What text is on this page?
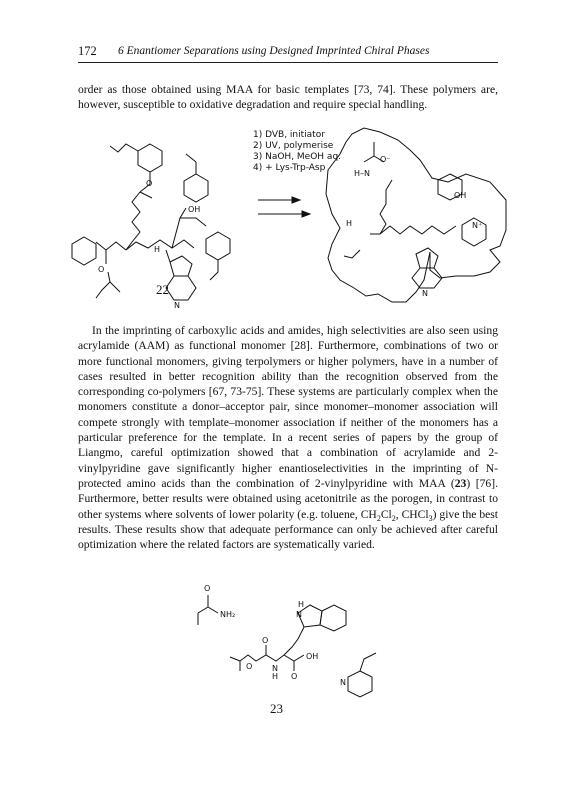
172 6 Enantiomer Separations using Designed Imprinted Chiral Phases

order as those obtained using MAA for basic templates [73, 74]. These polymers are, however, susceptible to oxidative degradation and require special handling.

1) DVB, initiator
2) UV, polymerise
3) NaOH, MeOH aq.
4) + Lys-Trp-Asp
O
OH
H
O
N
O⁻
H–N
OH
N⁺
H
N
22

In the imprinting of carboxylic acids and amides, high selectivities are also seen using acrylamide (AAM) as functional monomer [28]. Furthermore, combinations of two or more functional monomers, giving terpolymers or higher polymers, have in a number of cases resulted in better recognition ability than the recognition observed from the corresponding co-polymers [67, 73-75]. These systems are particularly complex when the monomers constitute a donor–acceptor pair, since monomer–monomer association will compete strongly with template–monomer association if neither of the monomers has a particular preference for the template. In a recent series of papers by the group of Liangmo, careful optimization showed that a combination of acrylamide and 2-vinylpyridine gave significantly higher enantioselectivities in the imprinting of N-protected amino acids than the combination of 2-vinylpyridine with MAA (23) [76]. Furthermore, better results were obtained using acetonitrile as the porogen, in contrast to other systems where solvents of lower polarity (e.g. toluene, $CH_2Cl_2$, CHCl$_3$) give the best results. These results show that adequate performance can only be achieved after careful optimization where the related factors are systematically varied.

O
NH₂
H
N
O
O
OH
N
H O
N
23
